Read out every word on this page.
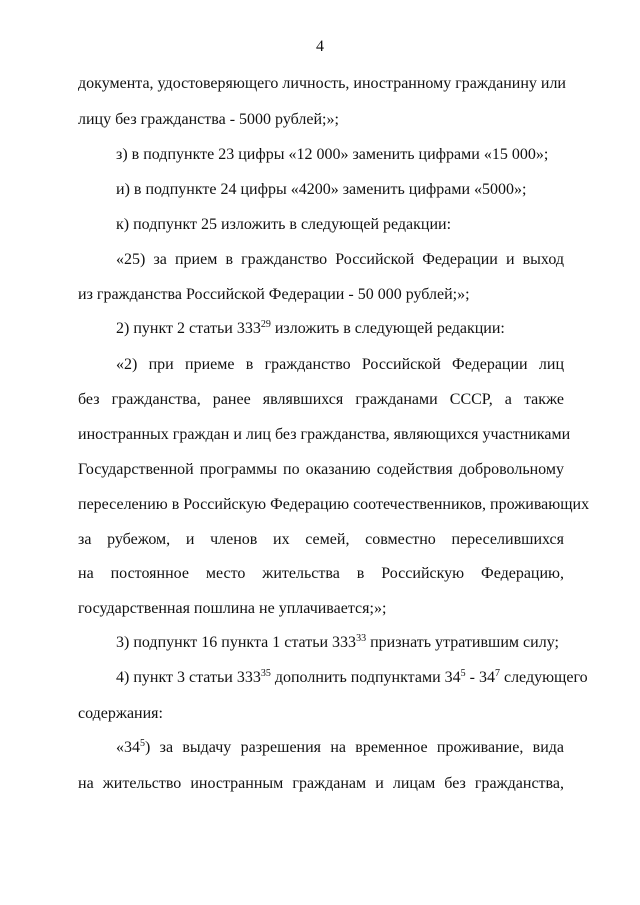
4
документа, удостоверяющего личность, иностранному гражданину или
лицу без гражданства - 5000 рублей;»;
з) в подпункте 23 цифры «12 000» заменить цифрами «15 000»;
и) в подпункте 24 цифры «4200» заменить цифрами «5000»;
к) подпункт 25 изложить в следующей редакции:
«25) за прием в гражданство Российской Федерации и выход
из гражданства Российской Федерации - 50 000 рублей;»;
2) пункт 2 статьи $333^{29}$ изложить в следующей редакции:
«2) при приеме в гражданство Российской Федерации лиц
без гражданства, ранее являвшихся гражданами СССР, а также
иностранных граждан и лиц без гражданства, являющихся участниками
Государственной программы по оказанию содействия добровольному
переселению в Российскую Федерацию соотечественников, проживающих
за рубежом, и членов их семей, совместно переселившихся
на постоянное место жительства в Российскую Федерацию,
государственная пошлина не уплачивается;»;
3) подпункт 16 пункта 1 статьи $333^{33}$ признать утратившим силу;
4) пункт 3 статьи $333^{35}$ дополнить подпунктами $34^5 - 34^7$ следующего
содержания:
«$34^5$) за выдачу разрешения на временное проживание, вида
на жительство иностранным гражданам и лицам без гражданства,
